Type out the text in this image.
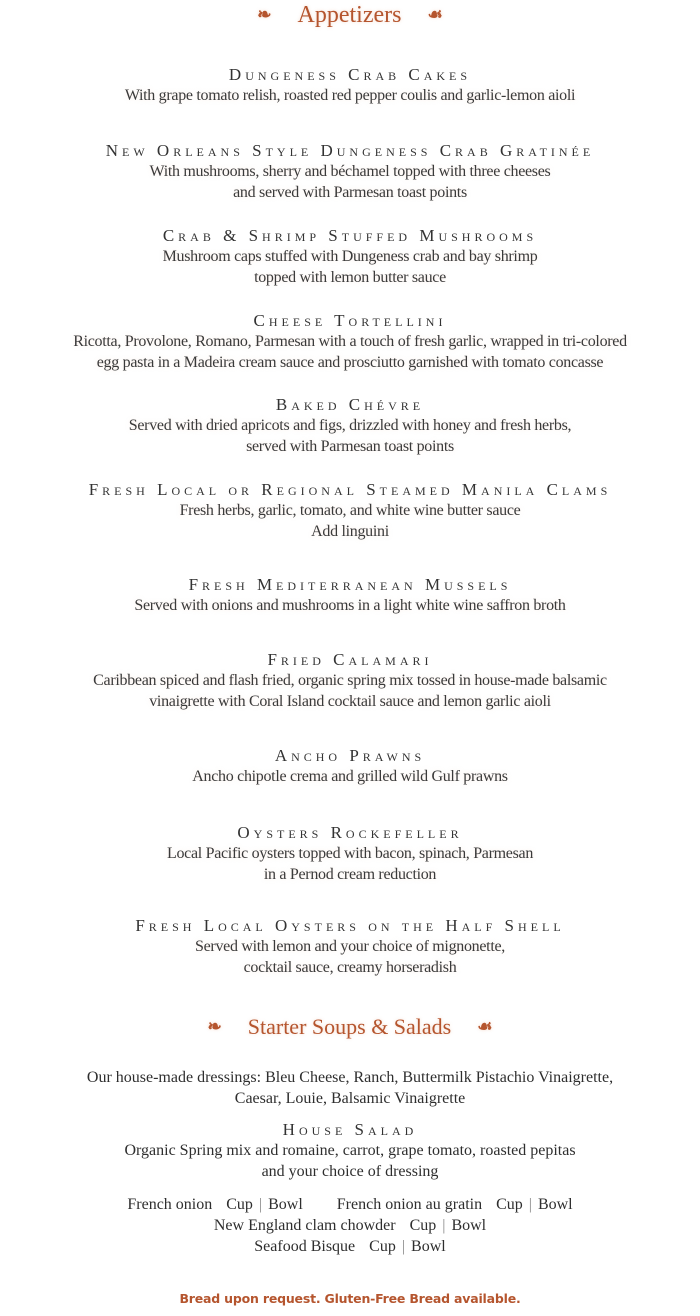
❧ Appetizers ☙
Dungeness Crab Cakes
With grape tomato relish, roasted red pepper coulis and garlic-lemon aioli
New Orleans Style Dungeness Crab Gratinée
With mushrooms, sherry and béchamel topped with three cheeses
and served with Parmesan toast points
Crab & Shrimp Stuffed Mushrooms
Mushroom caps stuffed with Dungeness crab and bay shrimp
topped with lemon butter sauce
Cheese Tortellini
Ricotta, Provolone, Romano, Parmesan with a touch of fresh garlic, wrapped in tri-colored
egg pasta in a Madeira cream sauce and prosciutto garnished with tomato concasse
Baked Chévre
Served with dried apricots and figs, drizzled with honey and fresh herbs,
served with Parmesan toast points
Fresh Local or Regional Steamed Manila Clams
Fresh herbs, garlic, tomato, and white wine butter sauce
Add linguini
Fresh Mediterranean Mussels
Served with onions and mushrooms in a light white wine saffron broth
Fried Calamari
Caribbean spiced and flash fried, organic spring mix tossed in house-made balsamic
vinaigrette with Coral Island cocktail sauce and lemon garlic aioli
Ancho Prawns
Ancho chipotle crema and grilled wild Gulf prawns
Oysters Rockefeller
Local Pacific oysters topped with bacon, spinach, Parmesan
in a Pernod cream reduction
Fresh Local Oysters on the Half Shell
Served with lemon and your choice of mignonette,
cocktail sauce, creamy horseradish
❧ Starter Soups & Salads ☙
Our house-made dressings: Bleu Cheese, Ranch, Buttermilk Pistachio Vinaigrette,
Caesar, Louie, Balsamic Vinaigrette
House Salad
Organic Spring mix and romaine, carrot, grape tomato, roasted pepitas
and your choice of dressing
French onion Cup | Bowl French onion au gratin Cup | Bowl
New England clam chowder Cup | Bowl
Seafood Bisque Cup | Bowl
Bread upon request. Gluten-Free Bread available.
